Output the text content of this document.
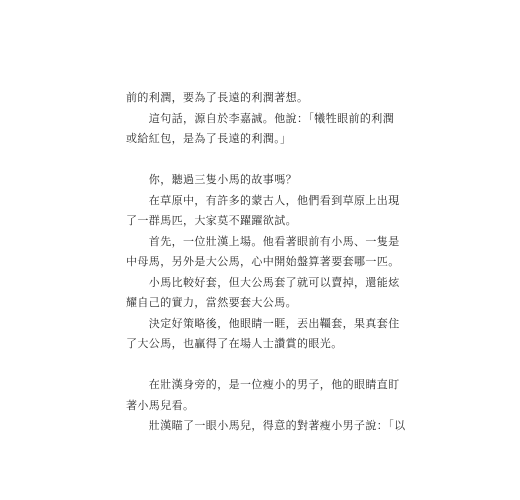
前的利潤，要為了長遠的利潤著想。
　　這句話，源自於李嘉誠。他說：「犧牲眼前的利潤
或給紅包，是為了長遠的利潤。」
　　你，聽過三隻小馬的故事嗎？
　　在草原中，有許多的蒙古人，他們看到草原上出現
了一群馬匹，大家莫不躍躍欲試。
　　首先，一位壯漢上場。他看著眼前有小馬、一隻是
中母馬，另外是大公馬，心中開始盤算著要套哪一匹。
　　小馬比較好套，但大公馬套了就可以賣掉，還能炫
耀自己的實力，當然要套大公馬。
　　決定好策略後，他眼睛一睚，丟出韁套，果真套住
了大公馬，也贏得了在場人士讚賞的眼光。
　　在壯漢身旁的，是一位瘦小的男子，他的眼睛直盯
著小馬兒看。
　　壯漢瞄了一眼小馬兒，得意的對著瘦小男子說：「以
